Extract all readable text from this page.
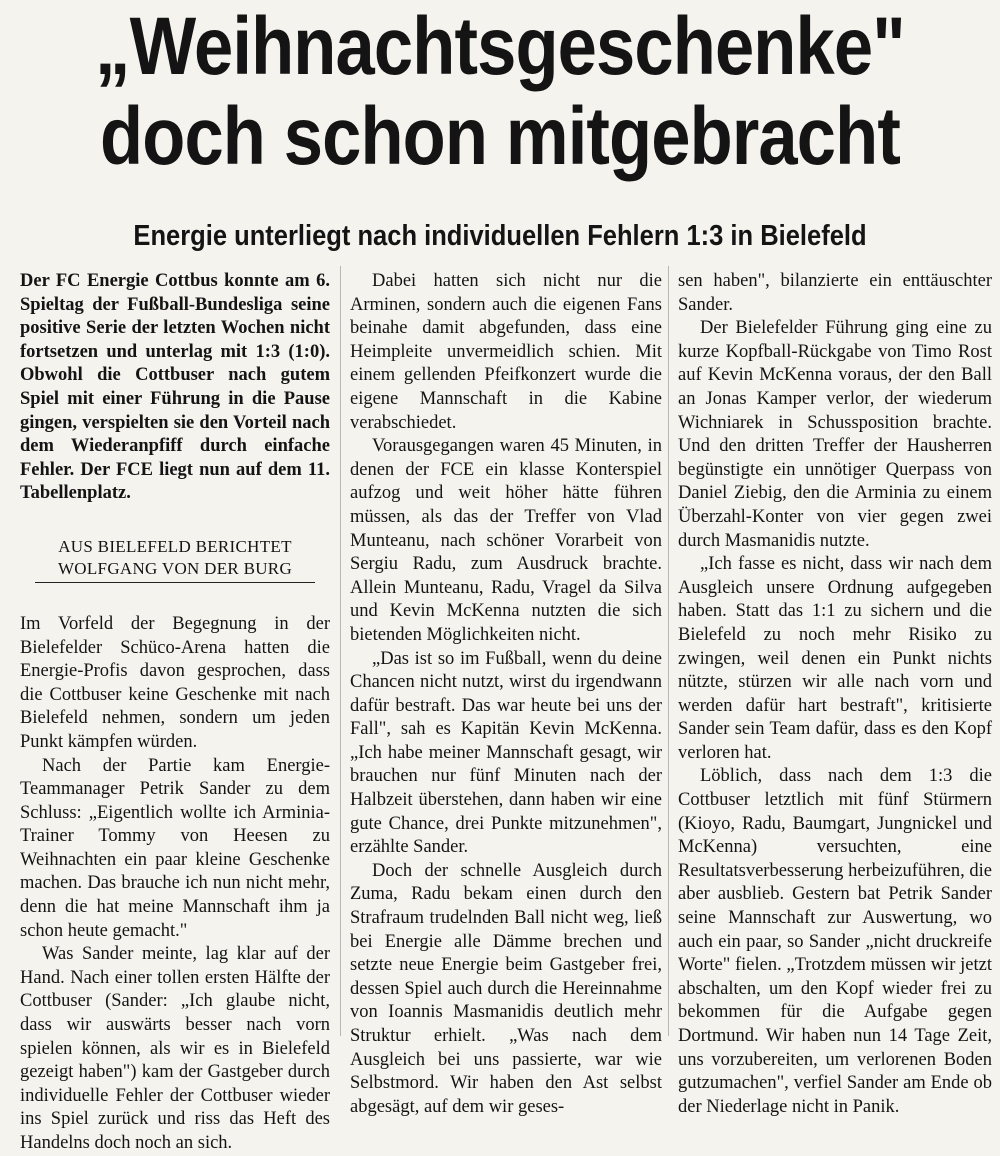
„Weihnachtsgeschenke"
doch schon mitgebracht
Energie unterliegt nach individuellen Fehlern 1:3 in Bielefeld

Der FC Energie Cottbus konnte am 6. Spieltag der Fußball-Bundesliga seine positive Serie der letzten Wochen nicht fortsetzen und unterlag mit 1:3 (1:0). Obwohl die Cottbuser nach gutem Spiel mit einer Führung in die Pause gingen, verspielten sie den Vorteil nach dem Wiederanpfiff durch einfache Fehler. Der FCE liegt nun auf dem 11. Tabellenplatz.

AUS BIELEFELD BERICHTET
WOLFGANG VON DER BURG

Im Vorfeld der Begegnung in der Bielefelder Schüco-Arena hatten die Energie-Profis davon gesprochen, dass die Cottbuser keine Geschenke mit nach Bielefeld nehmen, sondern um jeden Punkt kämpfen würden.

Nach der Partie kam Energie-Teammanager Petrik Sander zu dem Schluss: „Eigentlich wollte ich Arminia-Trainer Tommy von Heesen zu Weihnachten ein paar kleine Geschenke machen. Das brauche ich nun nicht mehr, denn die hat meine Mannschaft ihm ja schon heute gemacht."

Was Sander meinte, lag klar auf der Hand. Nach einer tollen ersten Hälfte der Cottbuser (Sander: „Ich glaube nicht, dass wir auswärts besser nach vorn spielen können, als wir es in Bielefeld gezeigt haben") kam der Gastgeber durch individuelle Fehler der Cottbuser wieder ins Spiel zurück und riss das Heft des Handelns doch noch an sich.

Dabei hatten sich nicht nur die Arminen, sondern auch die eigenen Fans beinahe damit abgefunden, dass eine Heimpleite unvermeidlich schien. Mit einem gellenden Pfeifkonzert wurde die eigene Mannschaft in die Kabine verabschiedet.

Vorausgegangen waren 45 Minuten, in denen der FCE ein klasse Konterspiel aufzog und weit höher hätte führen müssen, als das der Treffer von Vlad Munteanu, nach schöner Vorarbeit von Sergiu Radu, zum Ausdruck brachte. Allein Munteanu, Radu, Vragel da Silva und Kevin McKenna nutzten die sich bietenden Möglichkeiten nicht.

„Das ist so im Fußball, wenn du deine Chancen nicht nutzt, wirst du irgendwann dafür bestraft. Das war heute bei uns der Fall", sah es Kapitän Kevin McKenna. „Ich habe meiner Mannschaft gesagt, wir brauchen nur fünf Minuten nach der Halbzeit überstehen, dann haben wir eine gute Chance, drei Punkte mitzunehmen", erzählte Sander.

Doch der schnelle Ausgleich durch Zuma, Radu bekam einen durch den Strafraum trudelnden Ball nicht weg, ließ bei Energie alle Dämme brechen und setzte neue Energie beim Gastgeber frei, dessen Spiel auch durch die Hereinnahme von Ioannis Masmanidis deutlich mehr Struktur erhielt. „Was nach dem Ausgleich bei uns passierte, war wie Selbstmord. Wir haben den Ast selbst abgesägt, auf dem wir geses-

sen haben", bilanzierte ein enttäuschter Sander.

Der Bielefelder Führung ging eine zu kurze Kopfball-Rückgabe von Timo Rost auf Kevin McKenna voraus, der den Ball an Jonas Kamper verlor, der wiederum Wichniarek in Schussposition brachte. Und den dritten Treffer der Hausherren begünstigte ein unnötiger Querpass von Daniel Ziebig, den die Arminia zu einem Überzahl-Konter von vier gegen zwei durch Masmanidis nutzte.

„Ich fasse es nicht, dass wir nach dem Ausgleich unsere Ordnung aufgegeben haben. Statt das 1:1 zu sichern und die Bielefeld zu noch mehr Risiko zu zwingen, weil denen ein Punkt nichts nützte, stürzen wir alle nach vorn und werden dafür hart bestraft", kritisierte Sander sein Team dafür, dass es den Kopf verloren hat.

Löblich, dass nach dem 1:3 die Cottbuser letztlich mit fünf Stürmern (Kioyo, Radu, Baumgart, Jungnickel und McKenna) versuchten, eine Resultatsverbesserung herbeizuführen, die aber ausblieb. Gestern bat Petrik Sander seine Mannschaft zur Auswertung, wo auch ein paar, so Sander „nicht druckreife Worte" fielen. „Trotzdem müssen wir jetzt abschalten, um den Kopf wieder frei zu bekommen für die Aufgabe gegen Dortmund. Wir haben nun 14 Tage Zeit, uns vorzubereiten, um verlorenen Boden gutzumachen", verfiel Sander am Ende ob der Niederlage nicht in Panik.
